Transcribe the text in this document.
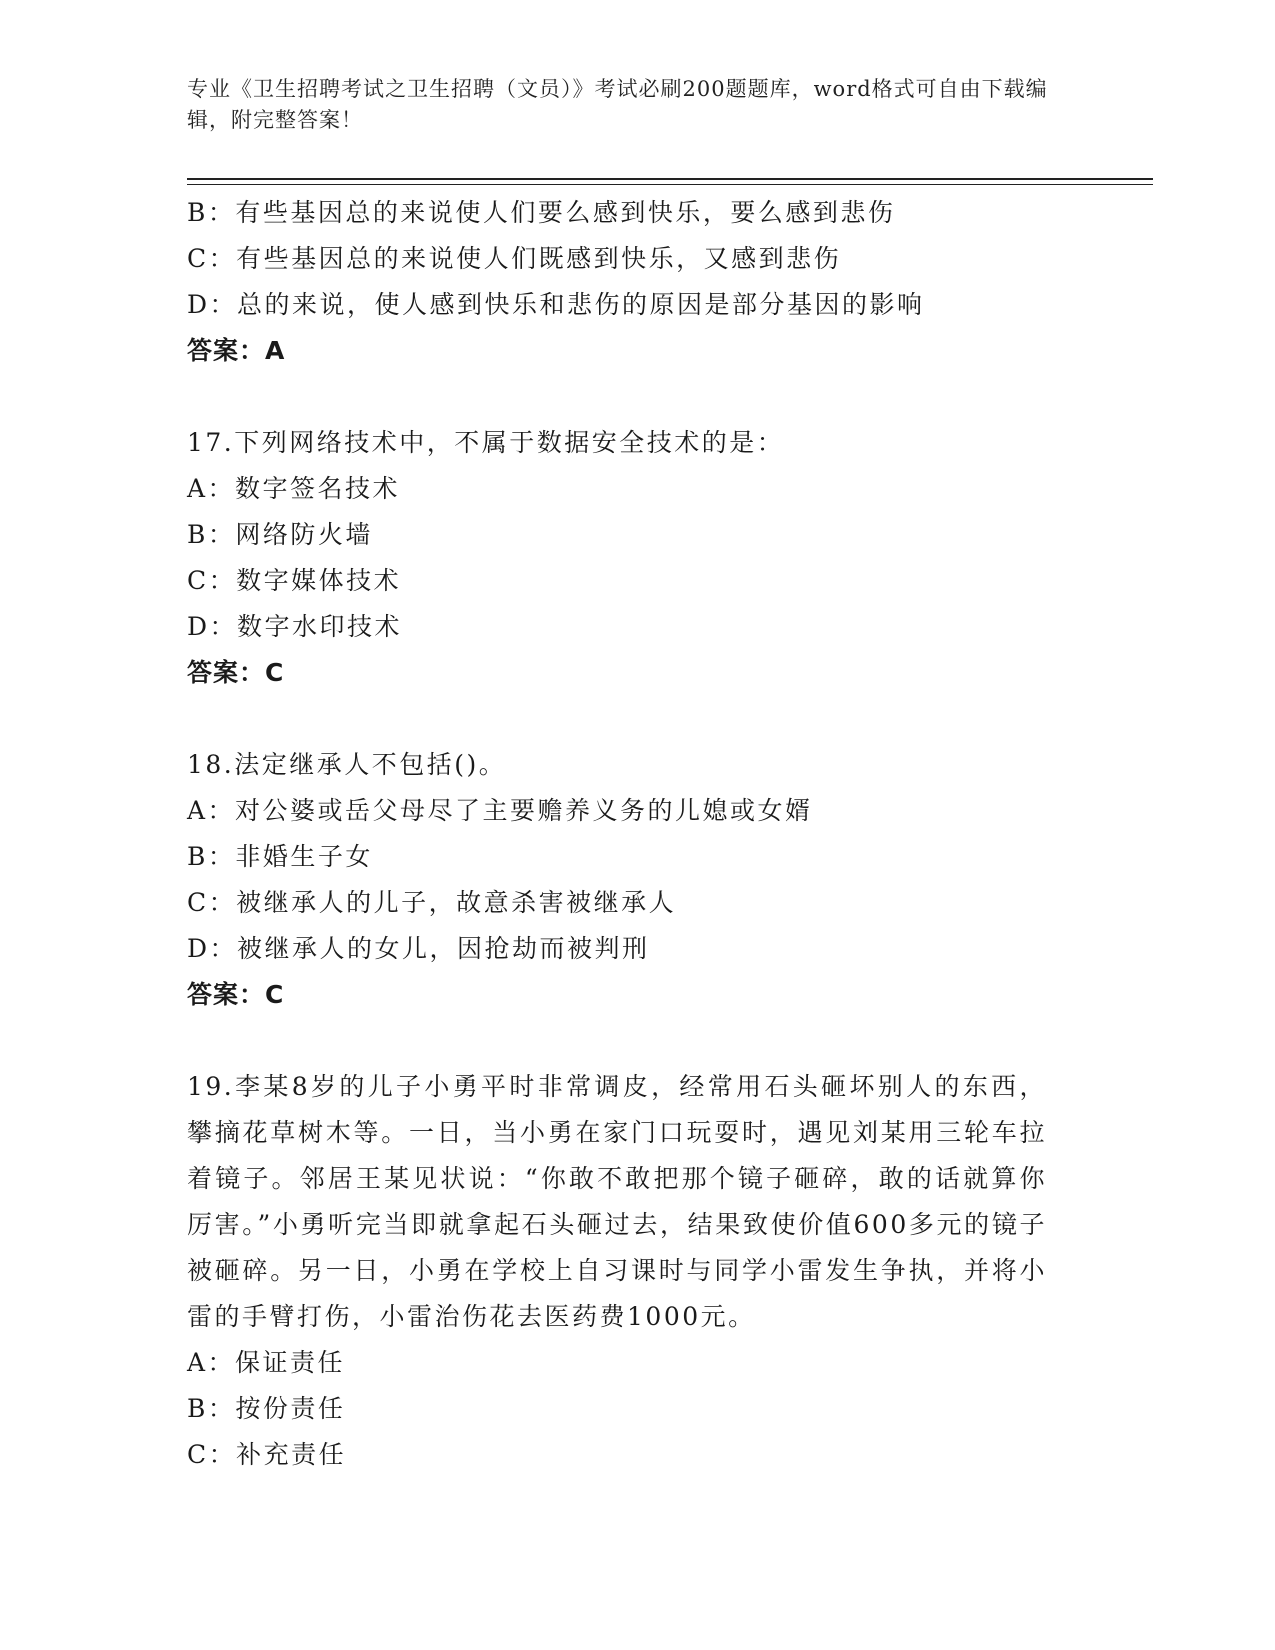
专业《卫生招聘考试之卫生招聘（文员）》考试必刷200题题库，word格式可自由下载编辑，附完整答案！
B：有些基因总的来说使人们要么感到快乐，要么感到悲伤
C：有些基因总的来说使人们既感到快乐，又感到悲伤
D：总的来说，使人感到快乐和悲伤的原因是部分基因的影响
答案：A
17.下列网络技术中，不属于数据安全技术的是：
A：数字签名技术
B：网络防火墙
C：数字媒体技术
D：数字水印技术
答案：C
18.法定继承人不包括()。
A：对公婆或岳父母尽了主要赡养义务的儿媳或女婿
B：非婚生子女
C：被继承人的儿子，故意杀害被继承人
D：被继承人的女儿，因抢劫而被判刑
答案：C
19.李某8岁的儿子小勇平时非常调皮，经常用石头砸坏别人的东西，攀摘花草树木等。一日，当小勇在家门口玩耍时，遇见刘某用三轮车拉着镜子。邻居王某见状说：“你敢不敢把那个镜子砸碎，敢的话就算你厉害。”小勇听完当即就拿起石头砸过去，结果致使价值600多元的镜子被砸碎。另一日，小勇在学校上自习课时与同学小雷发生争执，并将小雷的手臂打伤，小雷治伤花去医药费1000元。
A：保证责任
B：按份责任
C：补充责任
